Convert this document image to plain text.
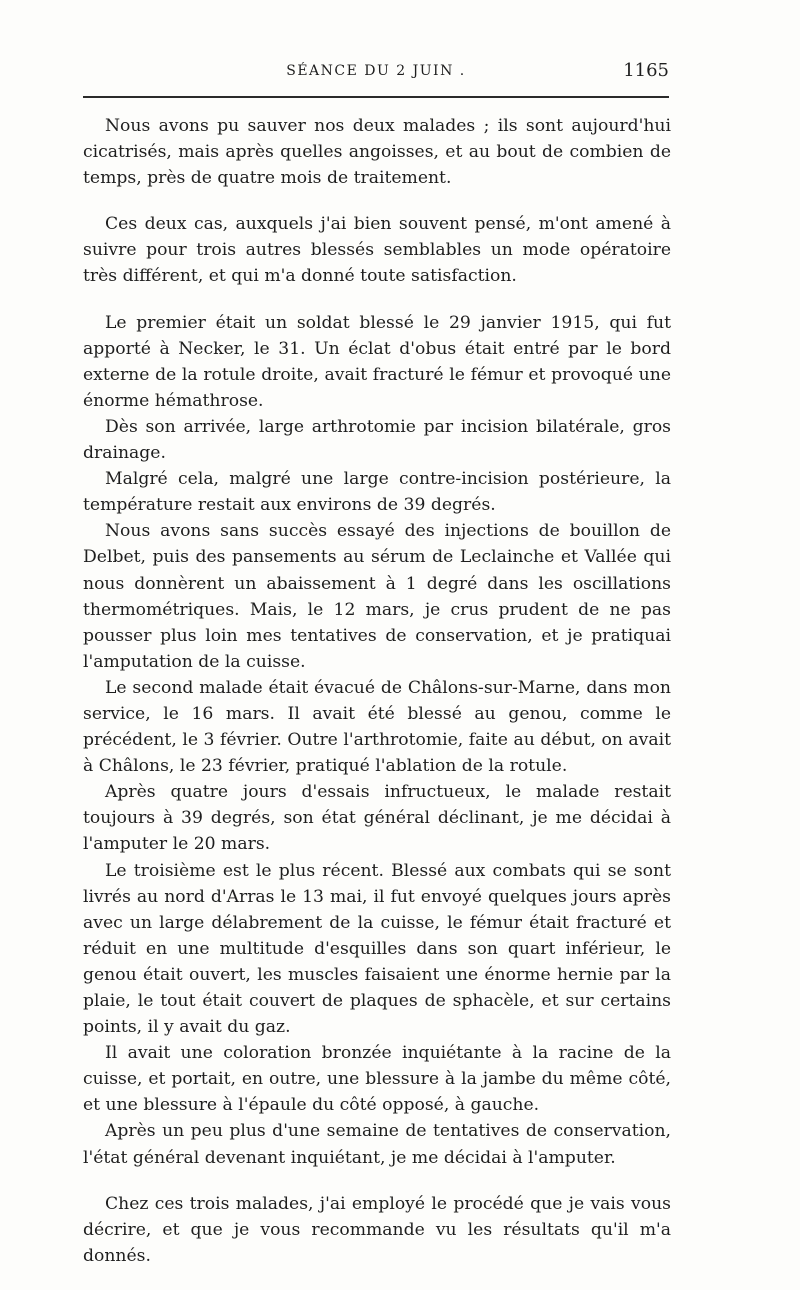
SÉANCE DU 2 JUIN .	1165

Nous avons pu sauver nos deux malades ; ils sont aujourd'hui cicatrisés, mais après quelles angoisses, et au bout de combien de temps, près de quatre mois de traitement.

Ces deux cas, auxquels j'ai bien souvent pensé, m'ont amené à suivre pour trois autres blessés semblables un mode opératoire très différent, et qui m'a donné toute satisfaction.

Le premier était un soldat blessé le 29 janvier 1915, qui fut apporté à Necker, le 31. Un éclat d'obus était entré par le bord externe de la rotule droite, avait fracturé le fémur et provoqué une énorme hémathrose.

Dès son arrivée, large arthrotomie par incision bilatérale, gros drainage.

Malgré cela, malgré une large contre-incision postérieure, la température restait aux environs de 39 degrés.

Nous avons sans succès essayé des injections de bouillon de Delbet, puis des pansements au sérum de Leclainche et Vallée qui nous donnèrent un abaissement à 1 degré dans les oscillations thermométriques. Mais, le 12 mars, je crus prudent de ne pas pousser plus loin mes tentatives de conservation, et je pratiquai l'amputation de la cuisse.

Le second malade était évacué de Châlons-sur-Marne, dans mon service, le 16 mars. Il avait été blessé au genou, comme le précédent, le 3 février. Outre l'arthrotomie, faite au début, on avait à Châlons, le 23 février, pratiqué l'ablation de la rotule.

Après quatre jours d'essais infructueux, le malade restait toujours à 39 degrés, son état général déclinant, je me décidai à l'amputer le 20 mars.

Le troisième est le plus récent. Blessé aux combats qui se sont livrés au nord d'Arras le 13 mai, il fut envoyé quelques jours après avec un large délabrement de la cuisse, le fémur était fracturé et réduit en une multitude d'esquilles dans son quart inférieur, le genou était ouvert, les muscles faisaient une énorme hernie par la plaie, le tout était couvert de plaques de sphacèle, et sur certains points, il y avait du gaz.

Il avait une coloration bronzée inquiétante à la racine de la cuisse, et portait, en outre, une blessure à la jambe du même côté, et une blessure à l'épaule du côté opposé, à gauche.

Après un peu plus d'une semaine de tentatives de conservation, l'état général devenant inquiétant, je me décidai à l'amputer.

Chez ces trois malades, j'ai employé le procédé que je vais vous décrire, et que je vous recommande vu les résultats qu'il m'a donnés.
